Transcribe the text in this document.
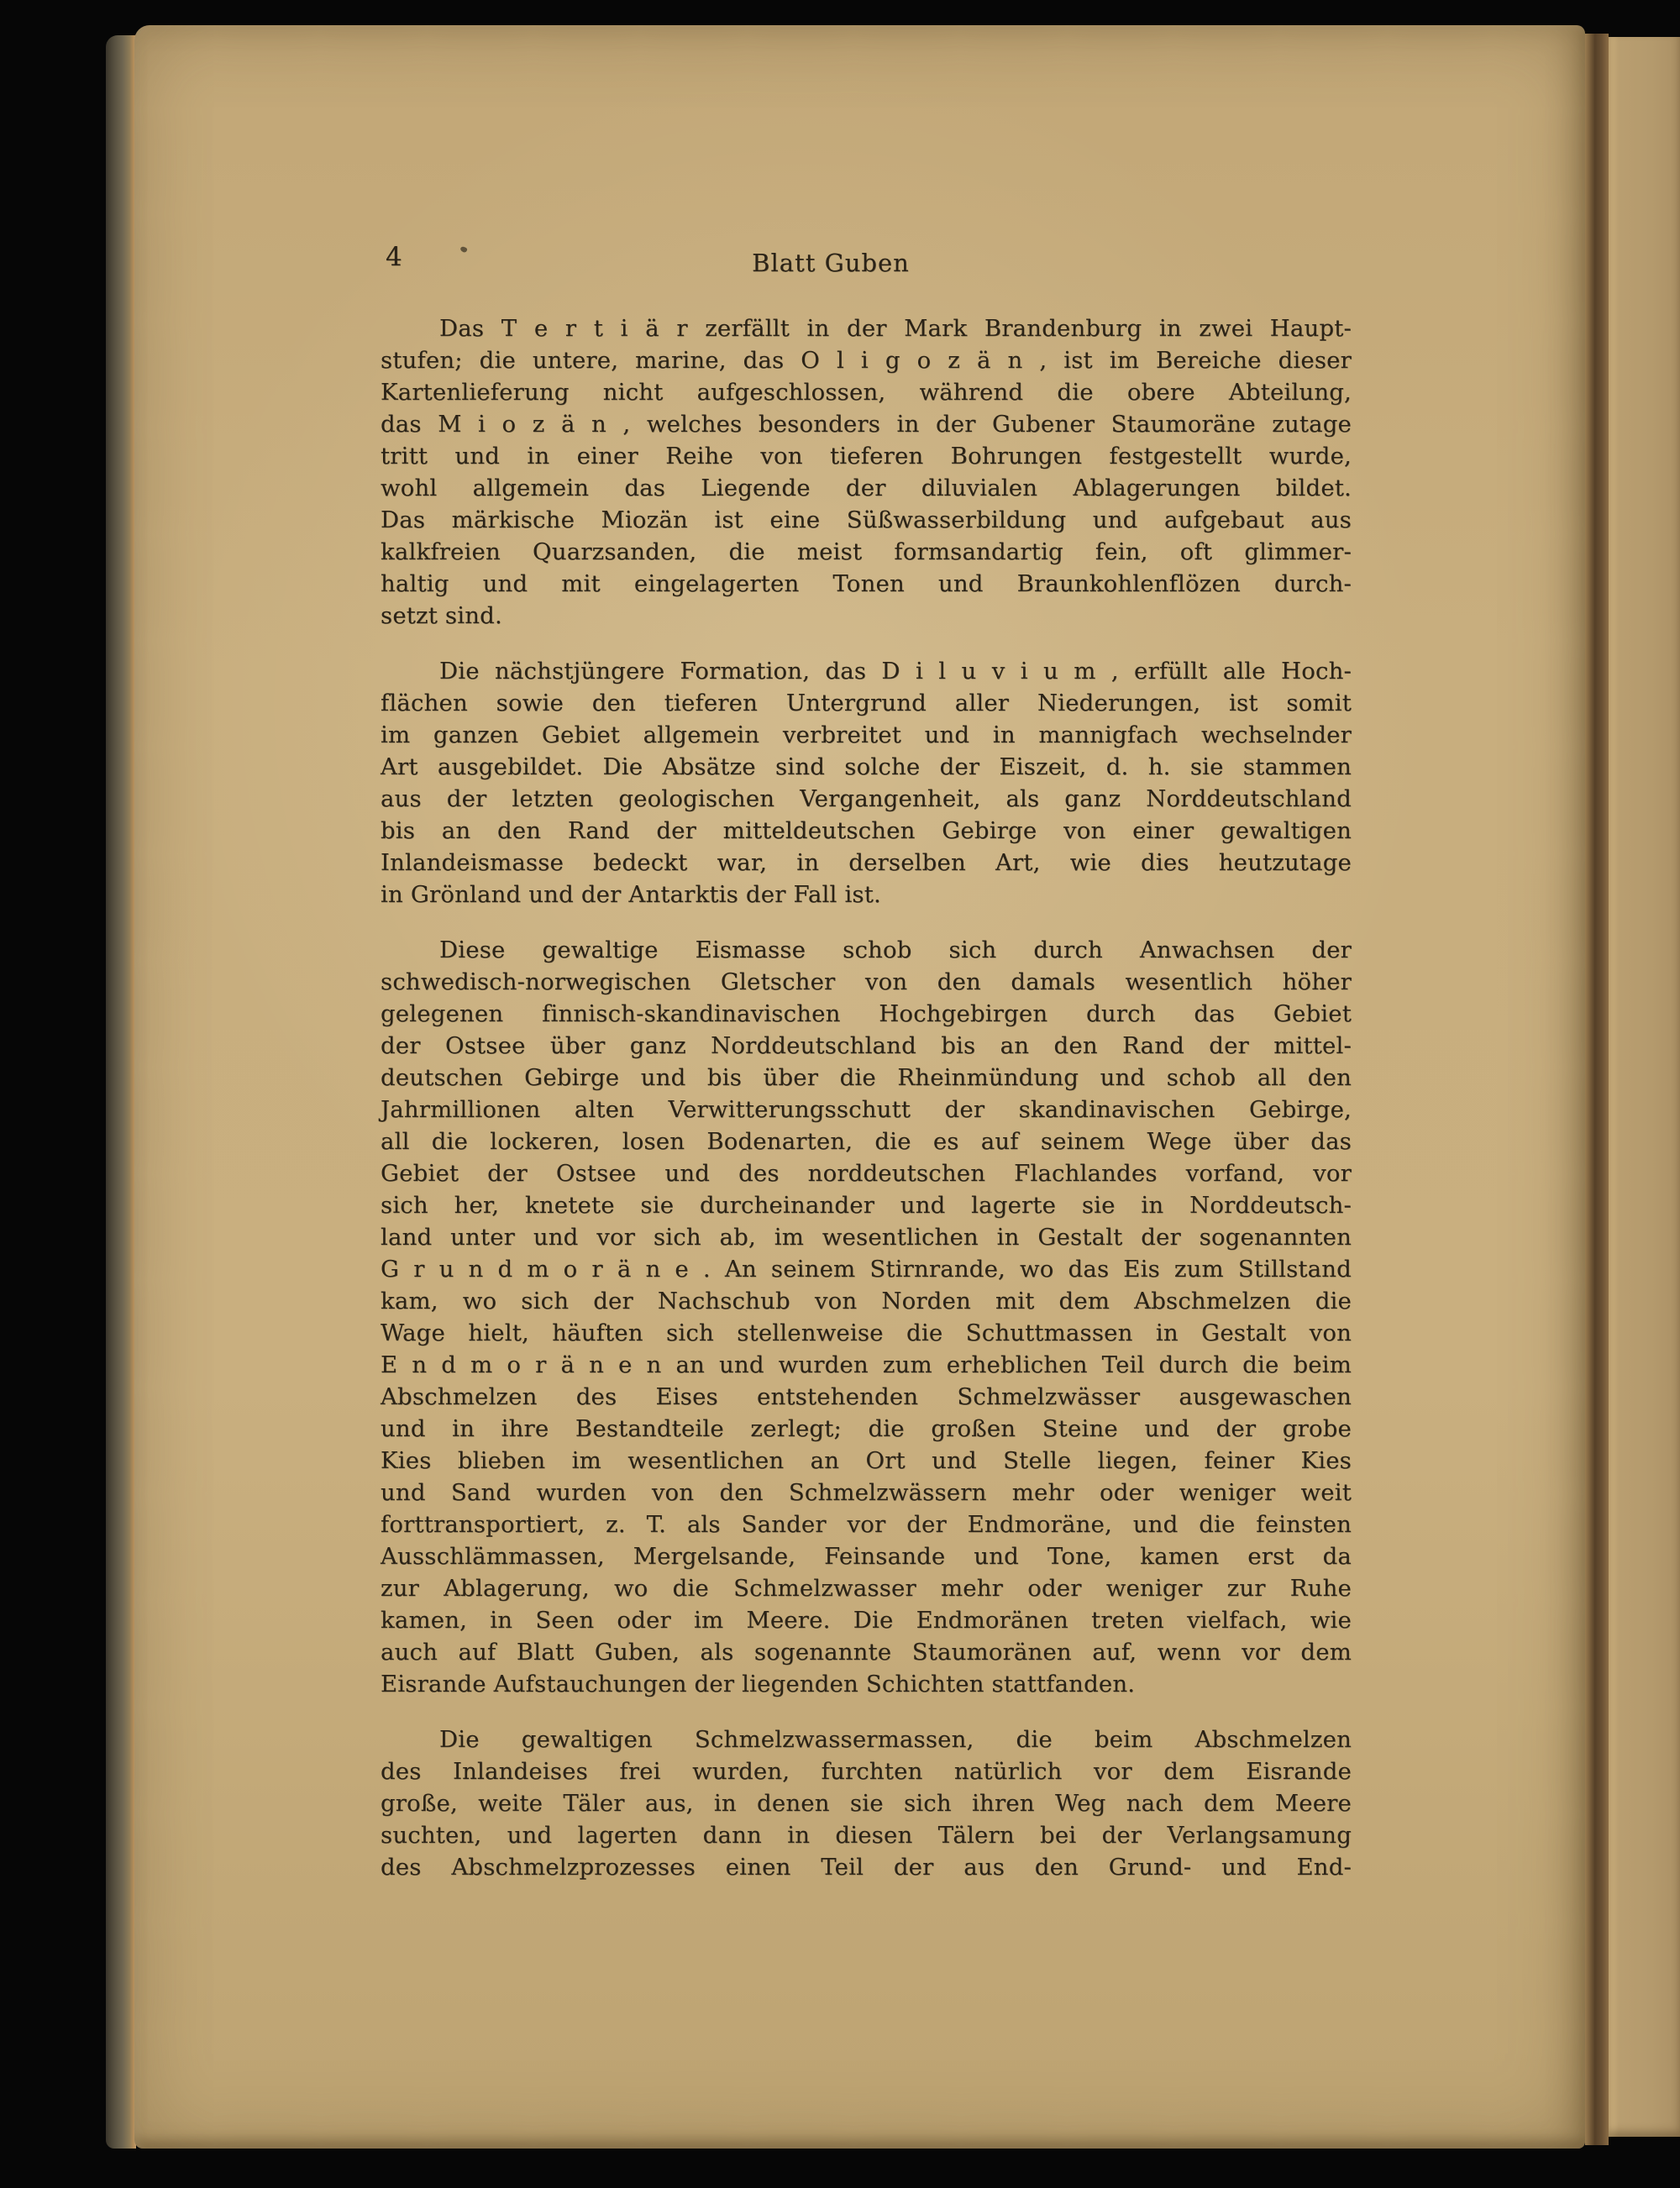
4	Blatt Guben
Das T e r t i ä r zerfällt in der Mark Brandenburg in zwei Haupt-
stufen; die untere, marine, das O l i g o z ä n , ist im Bereiche dieser
Kartenlieferung nicht aufgeschlossen, während die obere Abteilung,
das M i o z ä n , welches besonders in der Gubener Staumoräne zutage
tritt und in einer Reihe von tieferen Bohrungen festgestellt wurde,
wohl allgemein das Liegende der diluvialen Ablagerungen bildet.
Das märkische Miozän ist eine Süßwasserbildung und aufgebaut aus
kalkfreien Quarzsanden, die meist formsandartig fein, oft glimmer-
haltig und mit eingelagerten Tonen und Braunkohlenflözen durch-
setzt sind.
Die nächstjüngere Formation, das D i l u v i u m , erfüllt alle Hoch-
flächen sowie den tieferen Untergrund aller Niederungen, ist somit
im ganzen Gebiet allgemein verbreitet und in mannigfach wechselnder
Art ausgebildet. Die Absätze sind solche der Eiszeit, d. h. sie stammen
aus der letzten geologischen Vergangenheit, als ganz Norddeutschland
bis an den Rand der mitteldeutschen Gebirge von einer gewaltigen
Inlandeismasse bedeckt war, in derselben Art, wie dies heutzutage
in Grönland und der Antarktis der Fall ist.
Diese gewaltige Eismasse schob sich durch Anwachsen der
schwedisch-norwegischen Gletscher von den damals wesentlich höher
gelegenen finnisch-skandinavischen Hochgebirgen durch das Gebiet
der Ostsee über ganz Norddeutschland bis an den Rand der mittel-
deutschen Gebirge und bis über die Rheinmündung und schob all den
Jahrmillionen alten Verwitterungsschutt der skandinavischen Gebirge,
all die lockeren, losen Bodenarten, die es auf seinem Wege über das
Gebiet der Ostsee und des norddeutschen Flachlandes vorfand, vor
sich her, knetete sie durcheinander und lagerte sie in Norddeutsch-
land unter und vor sich ab, im wesentlichen in Gestalt der sogenannten
G r u n d m o r ä n e . An seinem Stirnrande, wo das Eis zum Stillstand
kam, wo sich der Nachschub von Norden mit dem Abschmelzen die
Wage hielt, häuften sich stellenweise die Schuttmassen in Gestalt von
E n d m o r ä n e n an und wurden zum erheblichen Teil durch die beim
Abschmelzen des Eises entstehenden Schmelzwässer ausgewaschen
und in ihre Bestandteile zerlegt; die großen Steine und der grobe
Kies blieben im wesentlichen an Ort und Stelle liegen, feiner Kies
und Sand wurden von den Schmelzwässern mehr oder weniger weit
forttransportiert, z. T. als Sander vor der Endmoräne, und die feinsten
Ausschlämmassen, Mergelsande, Feinsande und Tone, kamen erst da
zur Ablagerung, wo die Schmelzwasser mehr oder weniger zur Ruhe
kamen, in Seen oder im Meere. Die Endmoränen treten vielfach, wie
auch auf Blatt Guben, als sogenannte Staumoränen auf, wenn vor dem
Eisrande Aufstauchungen der liegenden Schichten stattfanden.
Die gewaltigen Schmelzwassermassen, die beim Abschmelzen
des Inlandeises frei wurden, furchten natürlich vor dem Eisrande
große, weite Täler aus, in denen sie sich ihren Weg nach dem Meere
suchten, und lagerten dann in diesen Tälern bei der Verlangsamung
des Abschmelzprozesses einen Teil der aus den Grund- und End-
